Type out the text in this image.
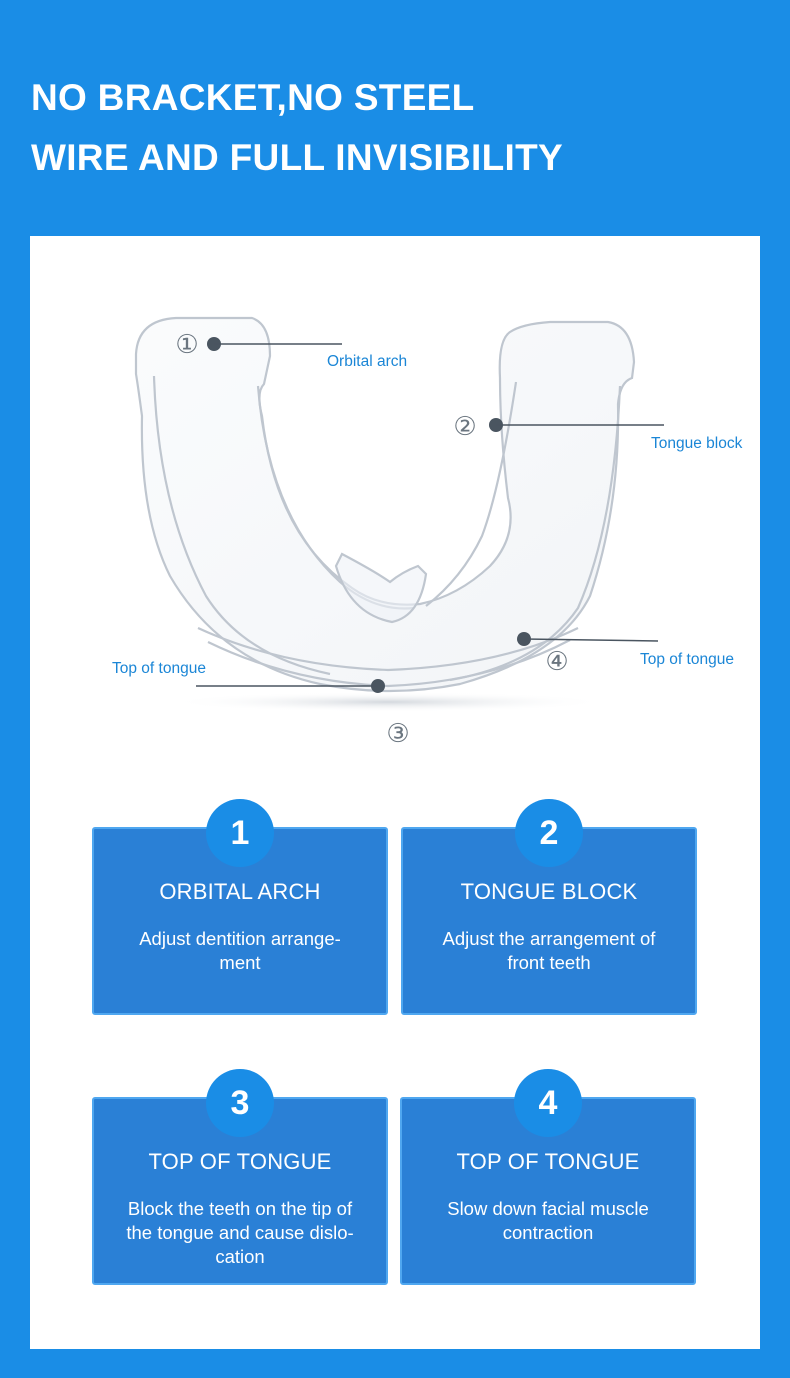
NO BRACKET,NO STEEL
WIRE AND FULL INVISIBILITY
①
②
③
④
Orbital arch
Tongue block
Top of tongue
Top of tongue
1
ORBITAL ARCH
Adjust dentition arrange-
ment
2
TONGUE BLOCK
Adjust the arrangement of
front teeth
3
TOP OF TONGUE
Block the teeth on the tip of
the tongue and cause dislo-
cation
4
TOP OF TONGUE
Slow down facial muscle
contraction
